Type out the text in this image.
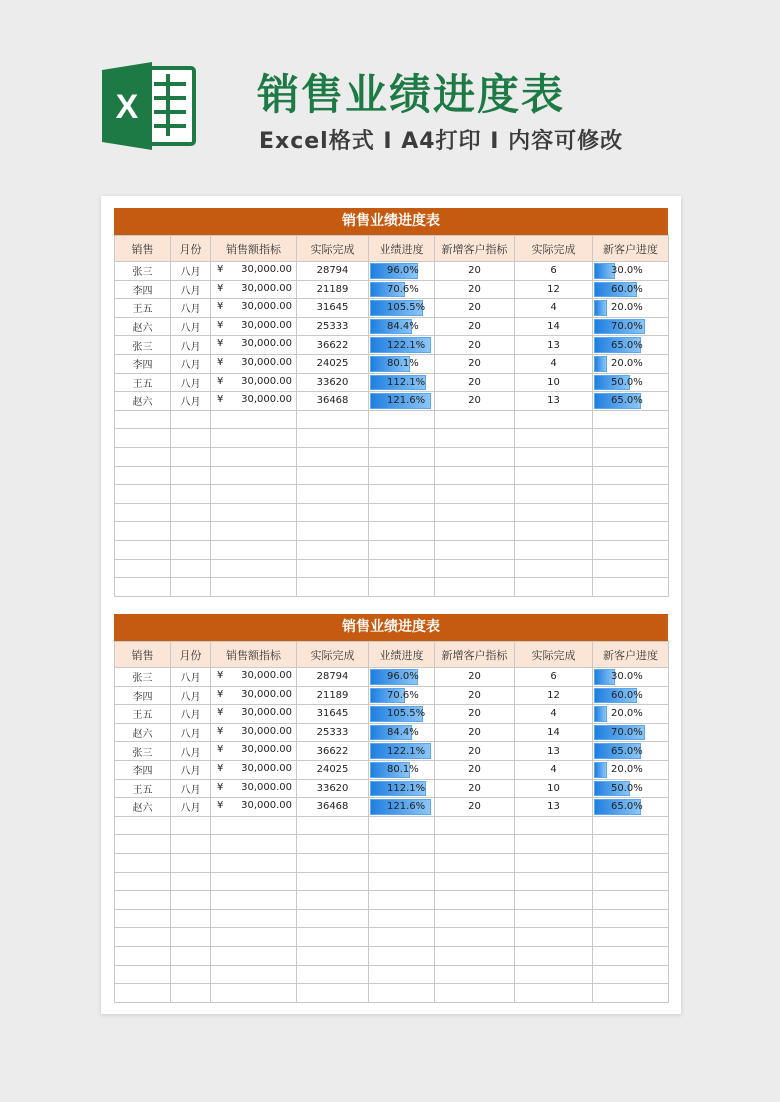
X	销售业绩进度表
Excel格式 I A4打印 I 内容可修改
销售业绩进度表
销售	月份	销售额指标	实际完成	业绩进度	新增客户指标	实际完成	新客户进度
张三	八月	¥ 30,000.00	28794	96.0%	20	6	30.0%

李四	八月	¥ 30,000.00	21189	70.6%	20	12	60.0%

王五	八月	¥ 30,000.00	31645	105.5%	20	4	20.0%

赵六	八月	¥ 30,000.00	25333	84.4%	20	14	70.0%

张三	八月	¥ 30,000.00	36622	122.1%	20	13	65.0%

李四	八月	¥ 30,000.00	24025	80.1%	20	4	20.0%

王五	八月	¥ 30,000.00	33620	112.1%	20	10	50.0%

赵六	八月	¥ 30,000.00	36468	121.6%	20	13	65.0%

销售业绩进度表
销售	月份	销售额指标	实际完成	业绩进度	新增客户指标	实际完成	新客户进度
张三	八月	¥ 30,000.00	28794	96.0%	20	6	30.0%

李四	八月	¥ 30,000.00	21189	70.6%	20	12	60.0%

王五	八月	¥ 30,000.00	31645	105.5%	20	4	20.0%

赵六	八月	¥ 30,000.00	25333	84.4%	20	14	70.0%

张三	八月	¥ 30,000.00	36622	122.1%	20	13	65.0%

李四	八月	¥ 30,000.00	24025	80.1%	20	4	20.0%

王五	八月	¥ 30,000.00	33620	112.1%	20	10	50.0%

赵六	八月	¥ 30,000.00	36468	121.6%	20	13	65.0%
